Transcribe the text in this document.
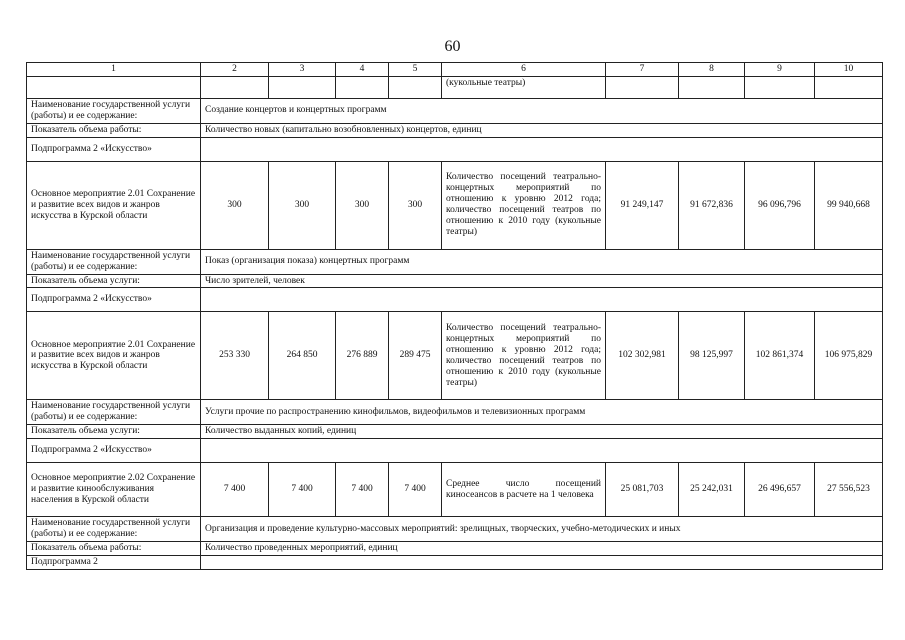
60
1	2	3	4	5	6	7	8	9	10
					(кукольные театры)				
Наименование государственной услуги (работы) и ее содержание:	Создание концертов и концертных программ								
Показатель объема работы:	Количество новых (капитально возобновленных) концертов, единиц								
Подпрограмма 2 «Искусство»									
Основное мероприятие 2.01 Сохранение и развитие всех видов и жанров искусства в Курской области	300	300	300	300	Количество посещений театрально-концертных мероприятий по отношению к уровню 2012 года; количество посещений театров по отношению к 2010 году (кукольные театры)	91 249,147	91 672,836	96 096,796	99 940,668
Наименование государственной услуги (работы) и ее содержание:	Показ (организация показа) концертных программ								
Показатель объема услуги:	Число зрителей, человек								
Подпрограмма 2 «Искусство»									
Основное мероприятие 2.01 Сохранение и развитие всех видов и жанров искусства в Курской области	253 330	264 850	276 889	289 475	Количество посещений театрально-концертных мероприятий по отношению к уровню 2012 года; количество посещений театров по отношению к 2010 году (кукольные театры)	102 302,981	98 125,997	102 861,374	106 975,829
Наименование государственной услуги (работы) и ее содержание:	Услуги прочие по распространению кинофильмов, видеофильмов и телевизионных программ								
Показатель объема услуги:	Количество выданных копий, единиц								
Подпрограмма 2 «Искусство»									
Основное мероприятие 2.02 Сохранение и развитие кинообслуживания населения в Курской области	7 400	7 400	7 400	7 400	Среднее число посещений киносеансов в расчете на 1 человека	25 081,703	25 242,031	26 496,657	27 556,523
Наименование государственной услуги (работы) и ее содержание:	Организация и проведение культурно-массовых мероприятий: зрелищных, творческих, учебно-методических и иных								
Показатель объема работы:	Количество проведенных мероприятий, единиц								
Подпрограмма 2									
